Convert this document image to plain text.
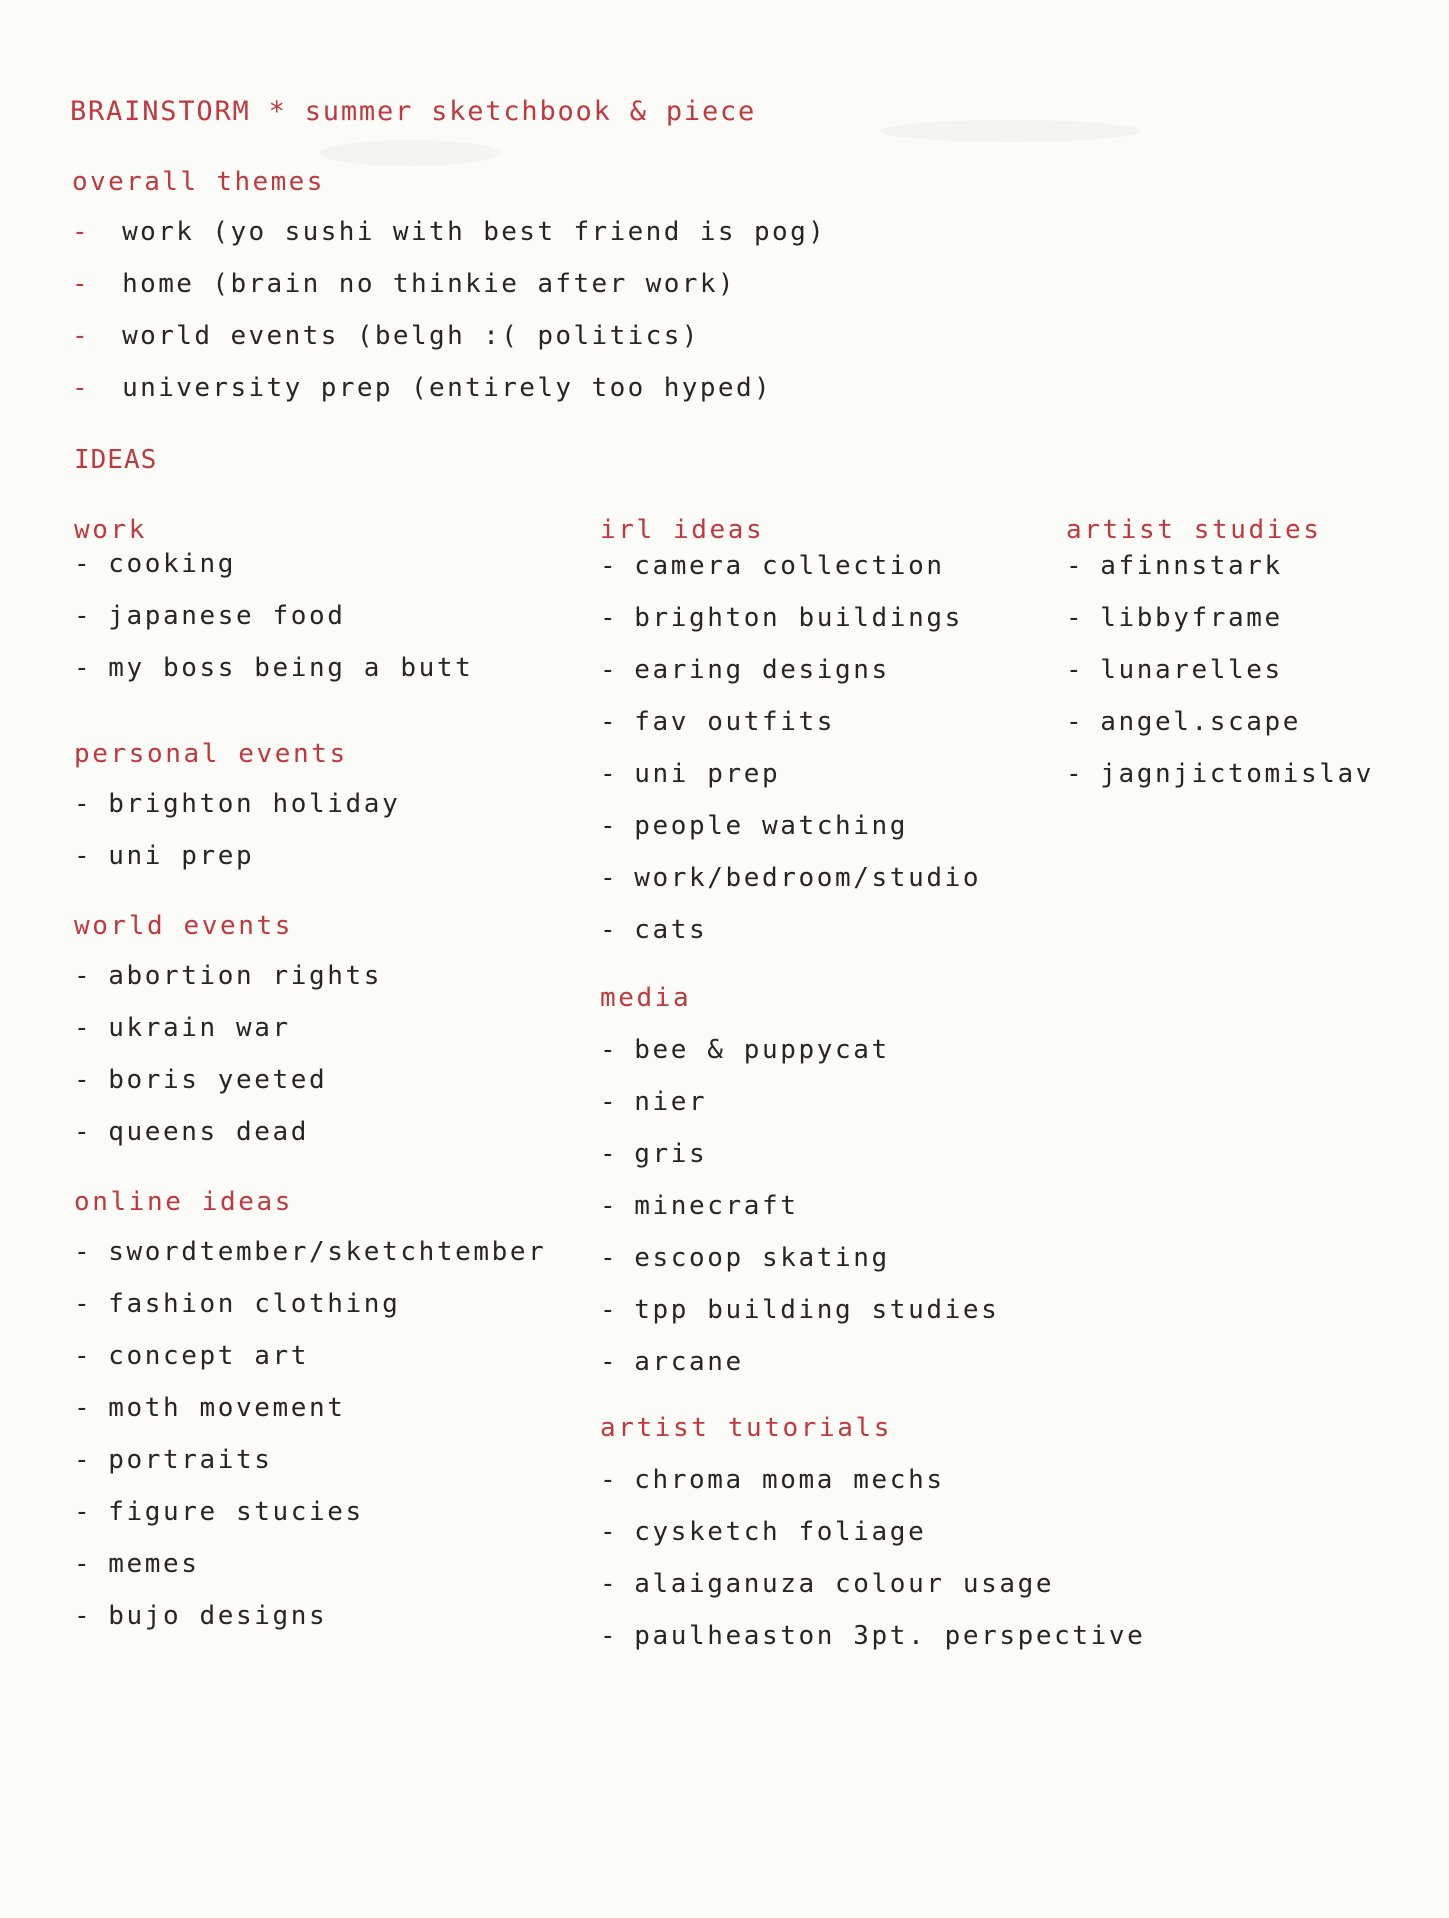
BRAINSTORM * summer sketchbook & piece
overall themes
- work (yo sushi with best friend is pog)
- home (brain no thinkie after work)
- world events (belgh :( politics)
- university prep (entirely too hyped)
IDEAS
work
- cooking
- japanese food
- my boss being a butt
personal events
- brighton holiday
- uni prep
world events
- abortion rights
- ukrain war
- boris yeeted
- queens dead
online ideas
- swordtember/sketchtember
- fashion clothing
- concept art
- moth movement
- portraits
- figure stucies
- memes
- bujo designs
irl ideas
- camera collection
- brighton buildings
- earing designs
- fav outfits
- uni prep
- people watching
- work/bedroom/studio
- cats
media
- bee & puppycat
- nier
- gris
- minecraft
- escoop skating
- tpp building studies
- arcane
artist tutorials
- chroma moma mechs
- cysketch foliage
- alaiganuza colour usage
- paulheaston 3pt. perspective
artist studies
- afinnstark
- libbyframe
- lunarelles
- angel.scape
- jagnjictomislav
